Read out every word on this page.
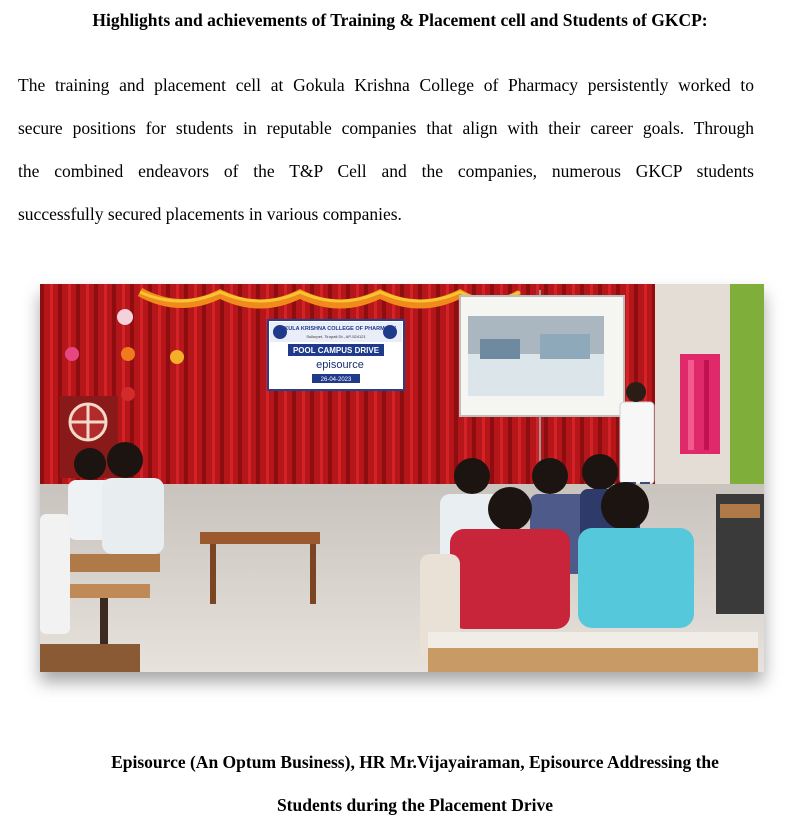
Highlights and achievements of Training & Placement cell and Students of GKCP:
The training and placement cell at Gokula Krishna College of Pharmacy persistently worked to
secure positions for students in reputable companies that align with their career goals. Through
the combined endeavors of the T&P Cell and the companies, numerous GKCP students
successfully secured placements in various companies.
GOKULA KRISHNA COLLEGE OF PHARMACY
Sullurpet, Tirupati Dt., AP-524121
POOL CAMPUS DRIVE
episource
26-04-2023

Episource (An Optum Business), HR Mr.Vijayairaman, Episource Addressing the

Students during the Placement Drive
